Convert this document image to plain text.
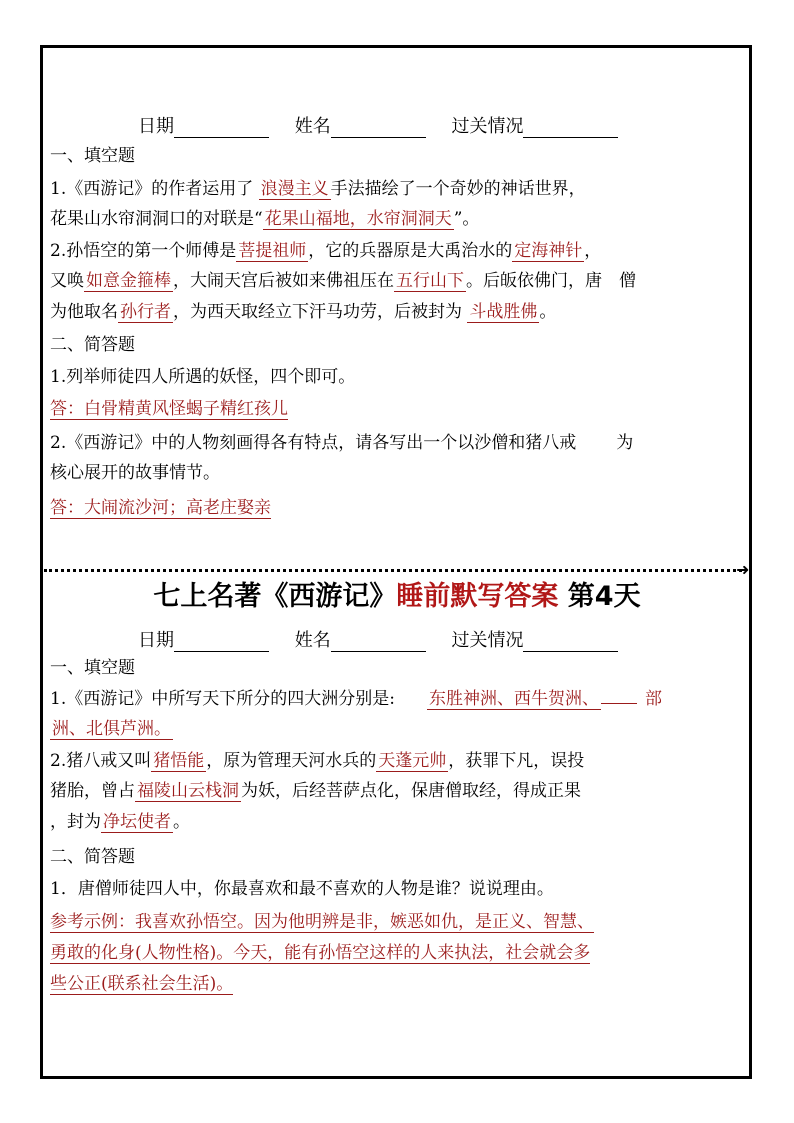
日期	姓名	过关情况
一、填空题
1.《西游记》的作者运用了 浪漫主义 手法描绘了一个奇妙的神话世界，
花果山水帘洞洞口的对联是“ 花果山福地，水帘洞洞天 ”。
2.孙悟空的第一个师傅是 菩提祖师 ，它的兵器原是大禹治水的 定海神针 ，
又唤 如意金箍棒 ，大闹天宫后被如来佛祖压在 五行山下 。后皈依佛门，唐　僧
为他取名 孙行者 ，为西天取经立下汗马功劳，后被封为 斗战胜佛 。
二、简答题
1.列举师徒四人所遇的妖怪，四个即可。
答：白骨精黄风怪蝎子精红孩儿
2.《西游记》中的人物刻画得各有特点，请各写出一个以沙僧和猪八戒 为
核心展开的故事情节。
答：大闹流沙河；高老庄娶亲
➜
七上名著《西游记》睡前默写答案 第4天
日期	姓名	过关情况
一、填空题
1.《西游记》中所写天下所分的四大洲分别是: 东胜神洲、西牛贺洲、	部
洲、北俱芦洲。
2.猪八戒又叫 猪悟能 ，原为管理天河水兵的 天蓬元帅 ，获罪下凡，误投
猪胎，曾占 福陵山云栈洞 为妖，后经菩萨点化，保唐僧取经，得成正果
，封为 净坛使者 。
二、简答题
1．唐僧师徒四人中，你最喜欢和最不喜欢的人物是谁？说说理由。
参考示例：我喜欢孙悟空。因为他明辨是非，嫉恶如仇，是正义、智慧、
勇敢的化身(人物性格)。今天，能有孙悟空这样的人来执法，社会就会多
些公正(联系社会生活)。
